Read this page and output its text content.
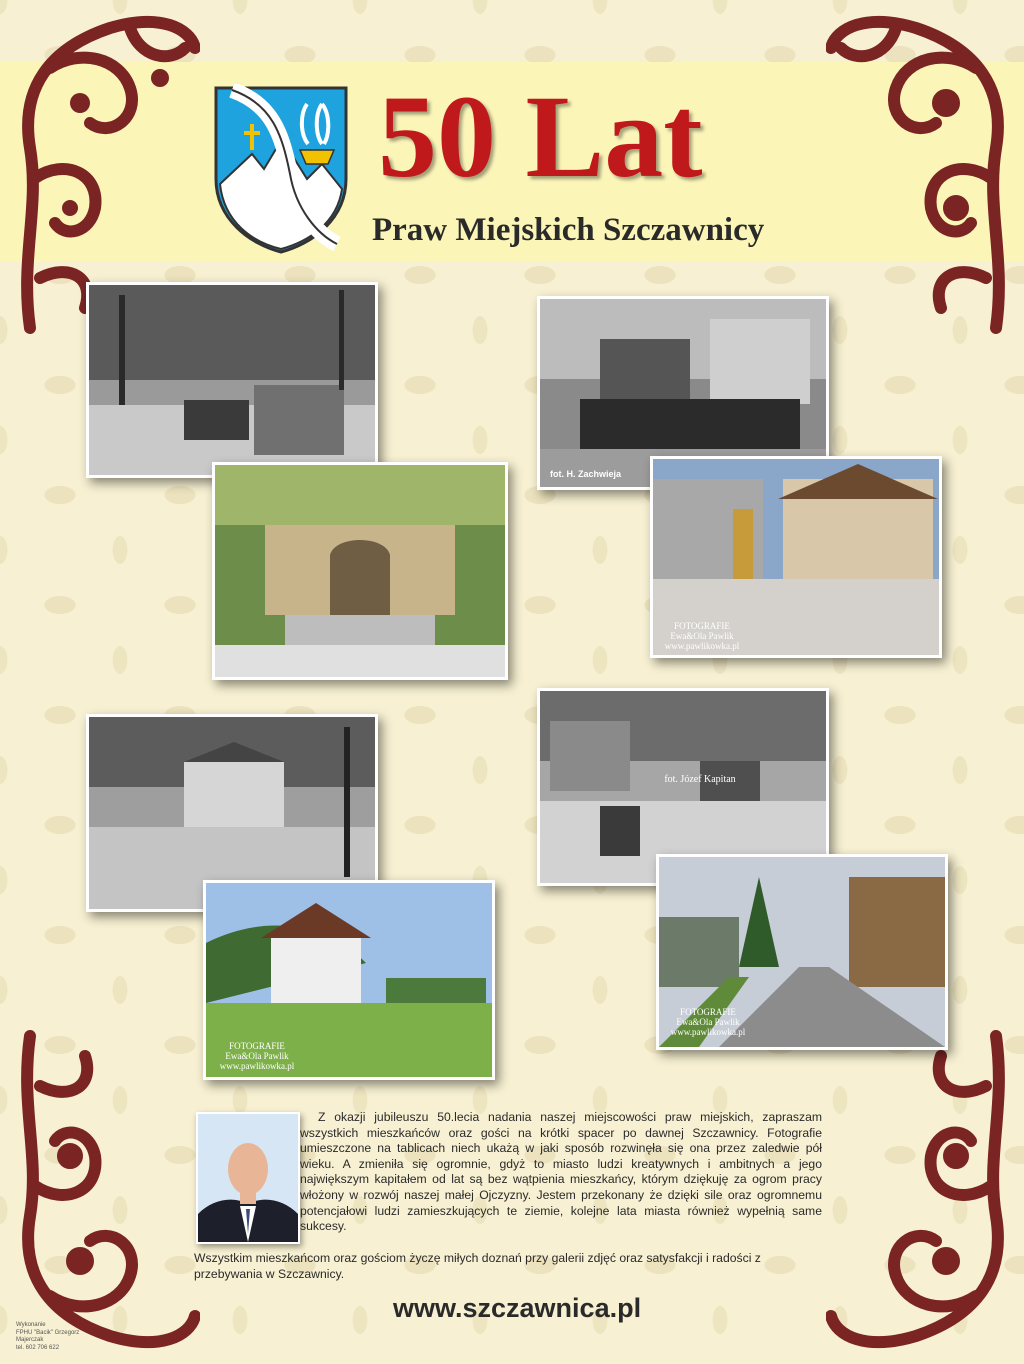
50 Lat
Praw Miejskich Szczawnicy
fot. H. Zachwieja
FOTOGRAFIE
Ewa&Ola Pawlik
www.pawlikowka.pl
FOTOGRAFIE
Ewa&Ola Pawlik
www.pawlikowka.pl
fot. Józef Kapitan
FOTOGRAFIE
Ewa&Ola Pawlik
www.pawlikowka.pl
Z okazji jubileuszu 50.lecia nadania naszej miejscowości praw miejskich, zapraszam wszystkich mieszkańców oraz gości na krótki spacer po dawnej Szczawnicy. Fotografie umieszczone na tablicach niech ukażą w jaki sposób rozwinęła się ona przez zaledwie pół wieku. A zmieniła się ogromnie, gdyż to miasto ludzi kreatywnych i ambitnych a jego największym kapitałem od lat są bez wątpienia mieszkańcy, którym dziękuję za ogrom pracy włożony w rozwój naszej małej Ojczyzny. Jestem przekonany że dzięki sile oraz ogromnemu potencjałowi ludzi zamieszkujących te ziemie, kolejne lata miasta również wypełnią same sukcesy.
Wszystkim mieszkańcom oraz gościom życzę miłych doznań przy galerii zdjęć oraz satysfakcji i radości z przebywania w Szczawnicy.
www.szczawnica.pl
Wykonanie
FPHU "Bacik" Grzegorz Majerczak
tel. 602 706 622
